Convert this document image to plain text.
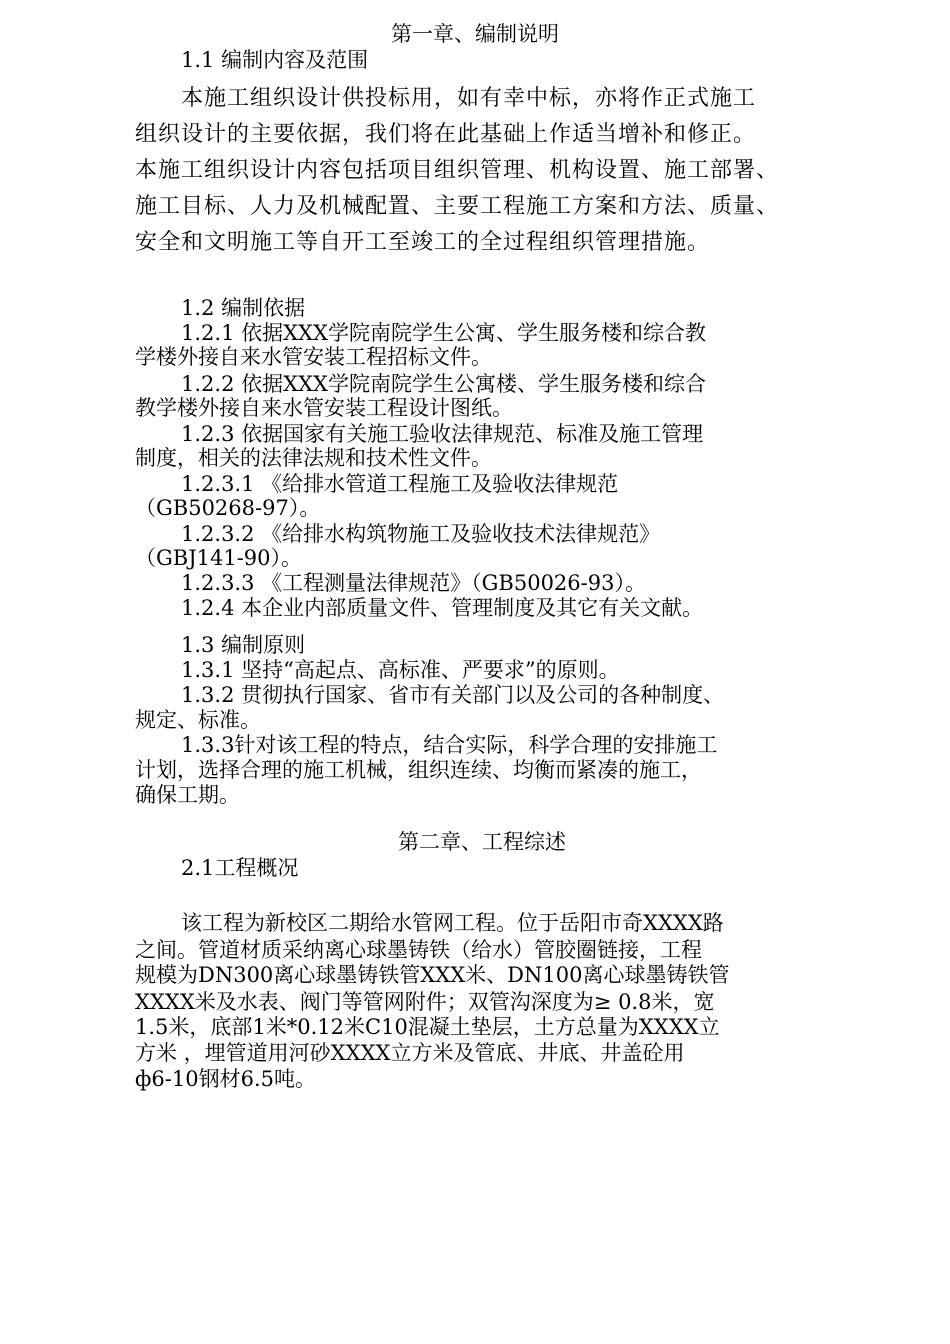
第一章、编制说明
1.1 编制内容及范围
本施工组织设计供投标用，如有幸中标，亦将作正式施工
组织设计的主要依据，我们将在此基础上作适当增补和修正。
本施工组织设计内容包括项目组织管理、机构设置、施工部署、
施工目标、人力及机械配置、主要工程施工方案和方法、质量、
安全和文明施工等自开工至竣工的全过程组织管理措施。
1.2 编制依据
1.2.1 依据XXX学院南院学生公寓、学生服务楼和综合教
学楼外接自来水管安装工程招标文件。
1.2.2 依据XXX学院南院学生公寓楼、学生服务楼和综合
教学楼外接自来水管安装工程设计图纸。
1.2.3 依据国家有关施工验收法律规范、标准及施工管理
制度，相关的法律法规和技术性文件。
1.2.3.1 《给排水管道工程施工及验收法律规范
（GB50268-97）。
1.2.3.2 《给排水构筑物施工及验收技术法律规范》
（GBJ141-90）。
1.2.3.3 《工程测量法律规范》（GB50026-93）。
1.2.4 本企业内部质量文件、管理制度及其它有关文献。
1.3 编制原则
1.3.1 坚持“高起点、高标准、严要求”的原则。
1.3.2 贯彻执行国家、省市有关部门以及公司的各种制度、
规定、标准。
1.3.3针对该工程的特点，结合实际，科学合理的安排施工
计划，选择合理的施工机械，组织连续、均衡而紧凑的施工，
确保工期。
第二章、工程综述
2.1工程概况
该工程为新校区二期给水管网工程。位于岳阳市奇XXXX路
之间。管道材质采纳离心球墨铸铁（给水）管胶圈链接，工程
规模为DN300离心球墨铸铁管XXX米、DN100离心球墨铸铁管
XXXX米及水表、阀门等管网附件；双管沟深度为≥ 0.8米，宽
1.5米，底部1米*0.12米C10混凝土垫层，土方总量为XXXX立
方米 ，埋管道用河砂XXXX立方米及管底、井底、井盖砼用
ф6-10钢材6.5吨。
